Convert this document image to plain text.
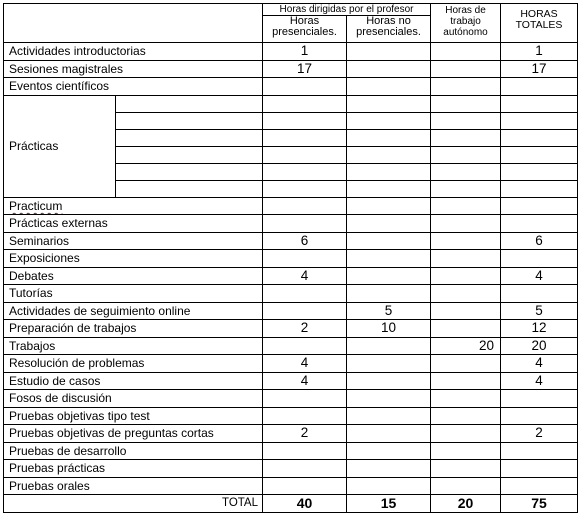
		Horas dirigidas por el profesor		Horas de trabajo autónomo	HORAS TOTALES
		Horas presenciales.	Horas no presenciales.		
Actividades introductorias		1			1
Sesiones magistrales		17			17
Eventos científicos					
Prácticas					

Practicum					
Prácticas externas					
Seminarios		6			6
Exposiciones					
Debates		4			4
Tutorías					
Actividades de seguimiento online			5		5
Preparación de trabajos		2	10		12
Trabajos				20	20
Resolución de problemas		4			4
Estudio de casos		4			4
Fosos de discusión					
Pruebas objetivas tipo test					
Pruebas objetivas de preguntas cortas		2			2
Pruebas de desarrollo					
Pruebas prácticas					
Pruebas orales					
TOTAL		40	15	20	75
